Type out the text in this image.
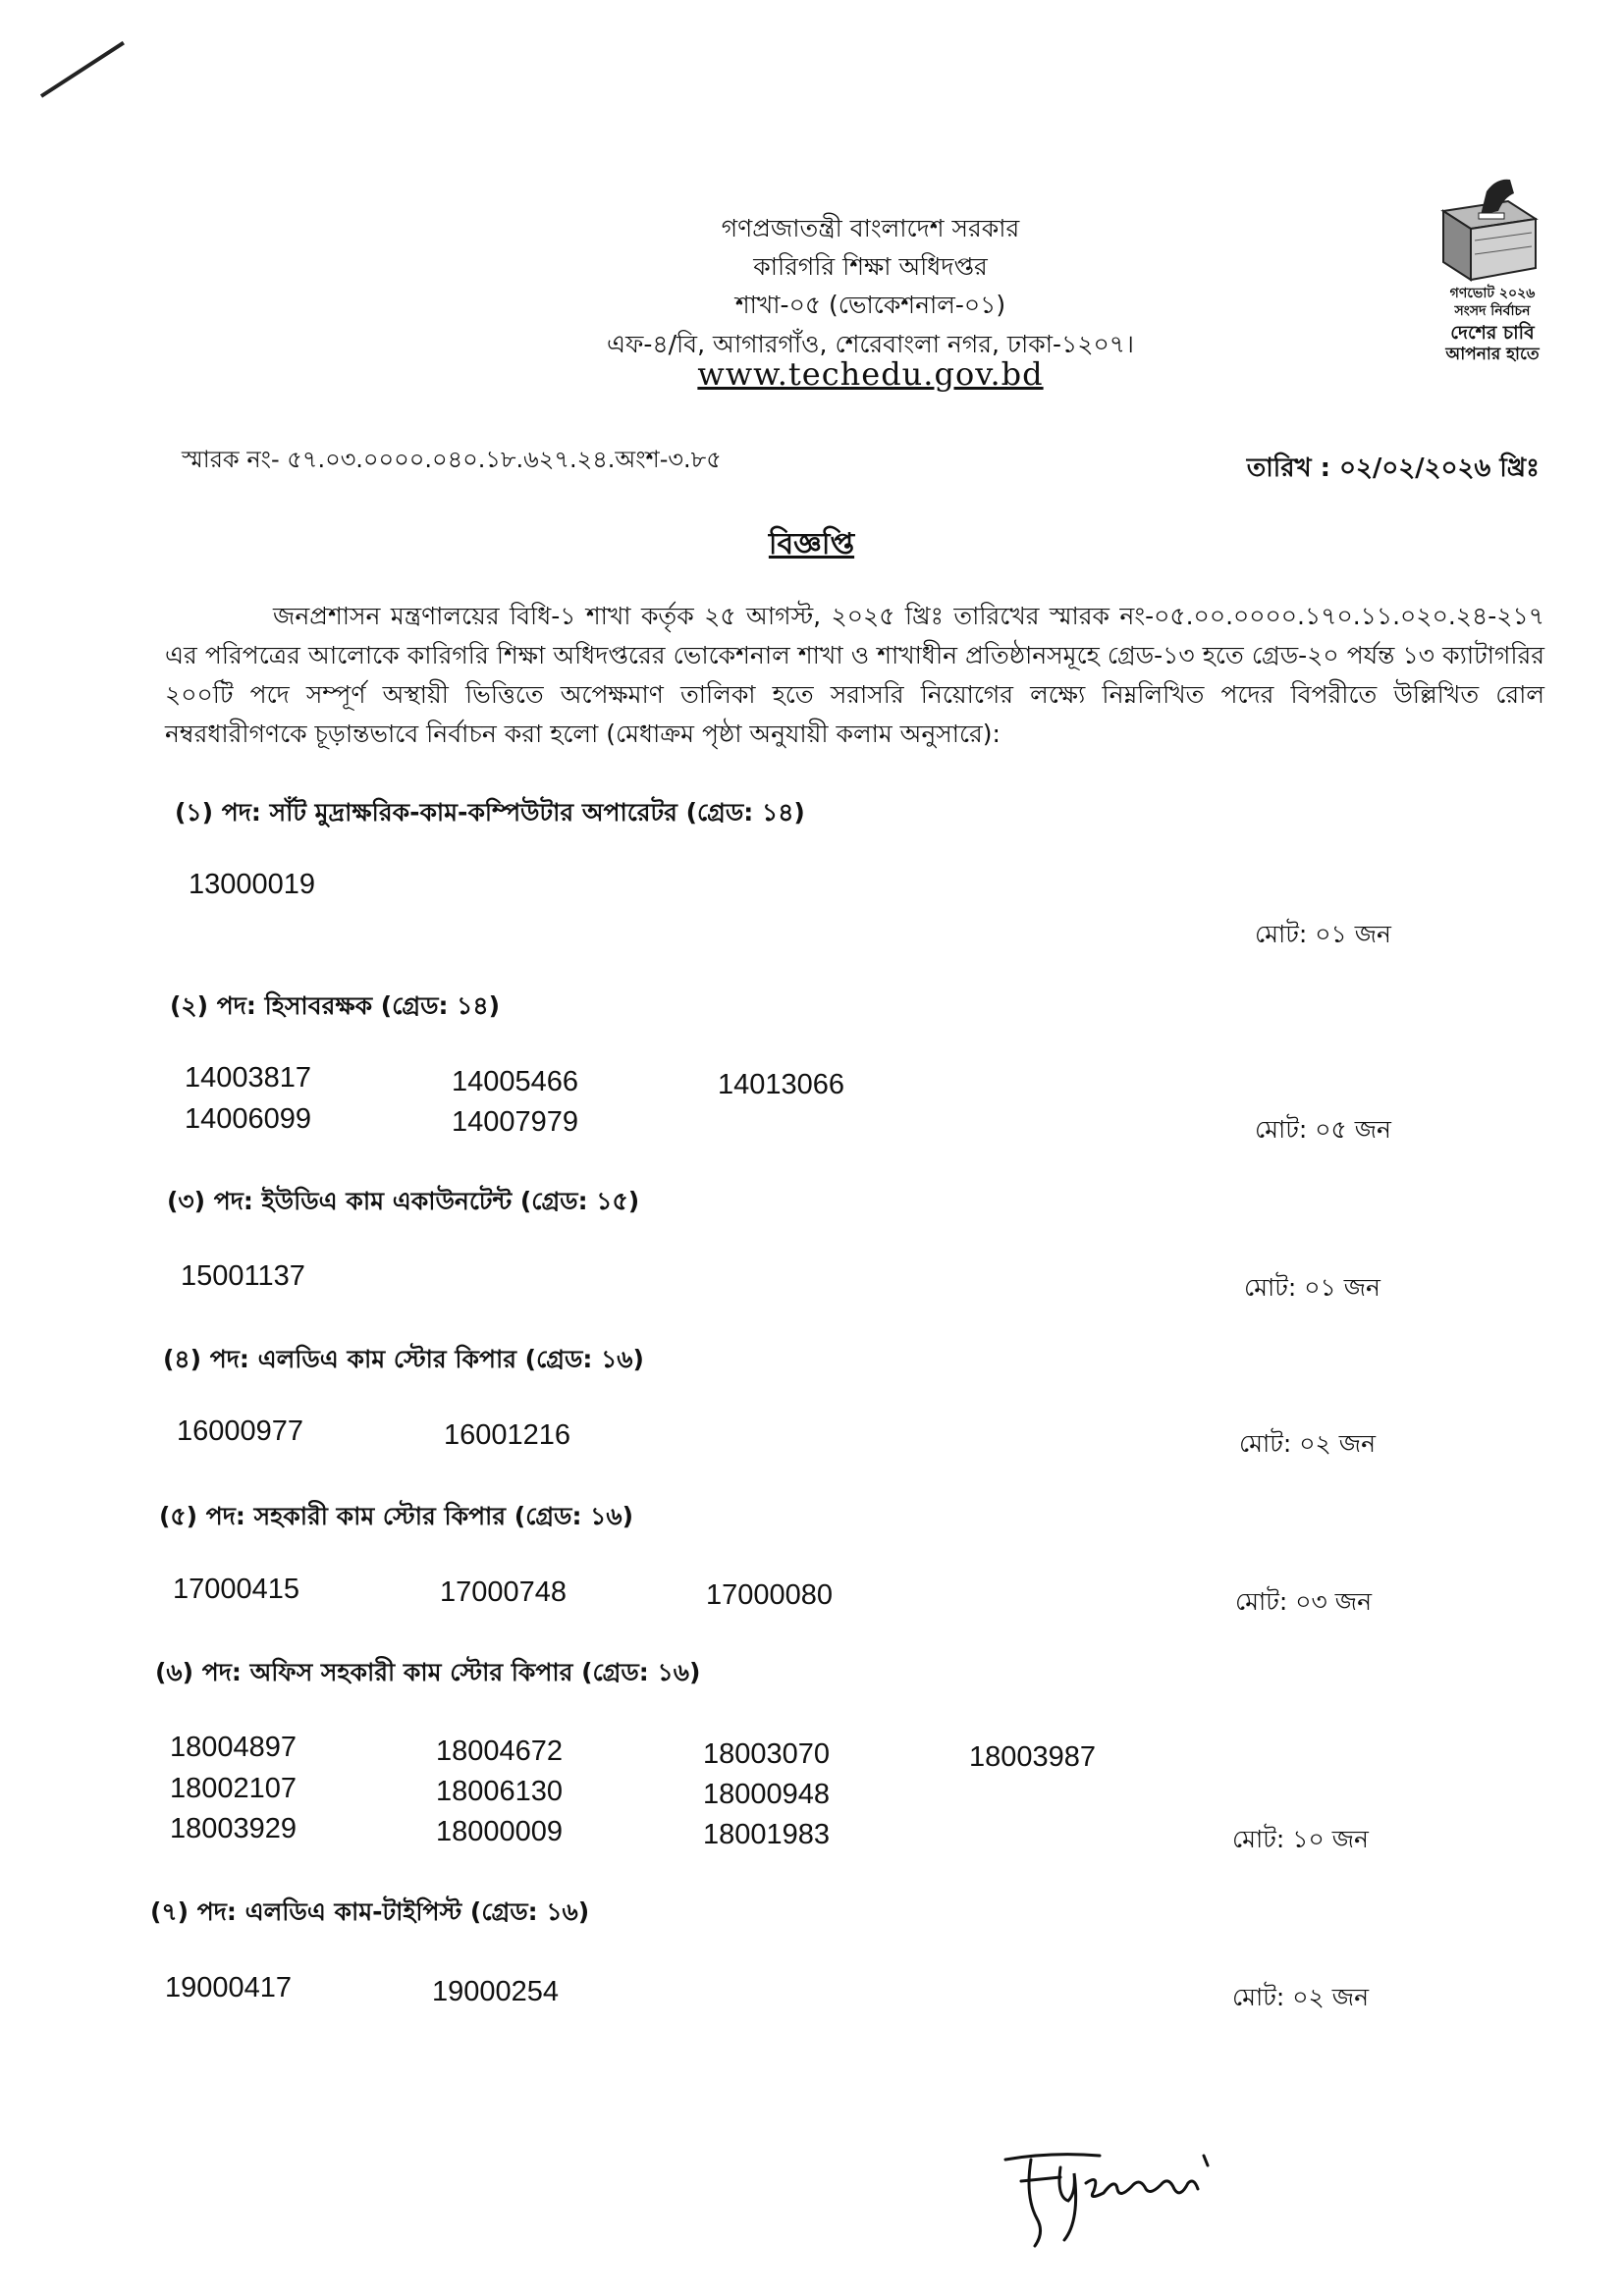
গণপ্রজাতন্ত্রী বাংলাদেশ সরকার
কারিগরি শিক্ষা অধিদপ্তর
শাখা-০৫ (ভোকেশনাল-০১)
এফ-৪/বি, আগারগাঁও, শেরেবাংলা নগর, ঢাকা-১২০৭।
www.techedu.gov.bd
গণভোট ২০২৬
সংসদ নির্বাচন
দেশের চাবি
আপনার হাতে
স্মারক নং- ৫৭.০৩.০০০০.০৪০.১৮.৬২৭.২৪.অংশ-৩.৮৫	তারিখ : ০২/০২/২০২৬ খ্রিঃ
বিজ্ঞপ্তি
জনপ্রশাসন মন্ত্রণালয়ের বিধি-১ শাখা কর্তৃক ২৫ আগস্ট, ২০২৫ খ্রিঃ তারিখের স্মারক নং-০৫.০০.০০০০.১৭০.১১.০২০.২৪-২১৭ এর পরিপত্রের আলোকে কারিগরি শিক্ষা অধিদপ্তরের ভোকেশনাল শাখা ও শাখাধীন প্রতিষ্ঠানসমূহে গ্রেড-১৩ হতে গ্রেড-২০ পর্যন্ত ১৩ ক্যাটাগরির ২০০টি পদে সম্পূর্ণ অস্থায়ী ভিত্তিতে অপেক্ষমাণ তালিকা হতে সরাসরি নিয়োগের লক্ষ্যে নিম্নলিখিত পদের বিপরীতে উল্লিখিত রোল নম্বরধারীগণকে চূড়ান্তভাবে নির্বাচন করা হলো (মেধাক্রম পৃষ্ঠা অনুযায়ী কলাম অনুসারে):
(১) পদ: সাঁট মুদ্রাক্ষরিক-কাম-কম্পিউটার অপারেটর (গ্রেড: ১৪)
13000019
মোট: ০১ জন
(২) পদ: হিসাবরক্ষক (গ্রেড: ১৪)
14003817	14005466	14013066
14006099	14007979	মোট: ০৫ জন
(৩) পদ: ইউডিএ কাম একাউনটেন্ট (গ্রেড: ১৫)
15001137	মোট: ০১ জন
(৪) পদ: এলডিএ কাম স্টোর কিপার (গ্রেড: ১৬)
16000977	16001216	মোট: ০২ জন
(৫) পদ: সহকারী কাম স্টোর কিপার (গ্রেড: ১৬)
17000415	17000748	17000080	মোট: ০৩ জন
(৬) পদ: অফিস সহকারী কাম স্টোর কিপার (গ্রেড: ১৬)
18004897	18004672	18003070	18003987
18002107	18006130	18000948
18003929	18000009	18001983	মোট: ১০ জন
(৭) পদ: এলডিএ কাম-টাইপিস্ট (গ্রেড: ১৬)
19000417	19000254	মোট: ০২ জন
